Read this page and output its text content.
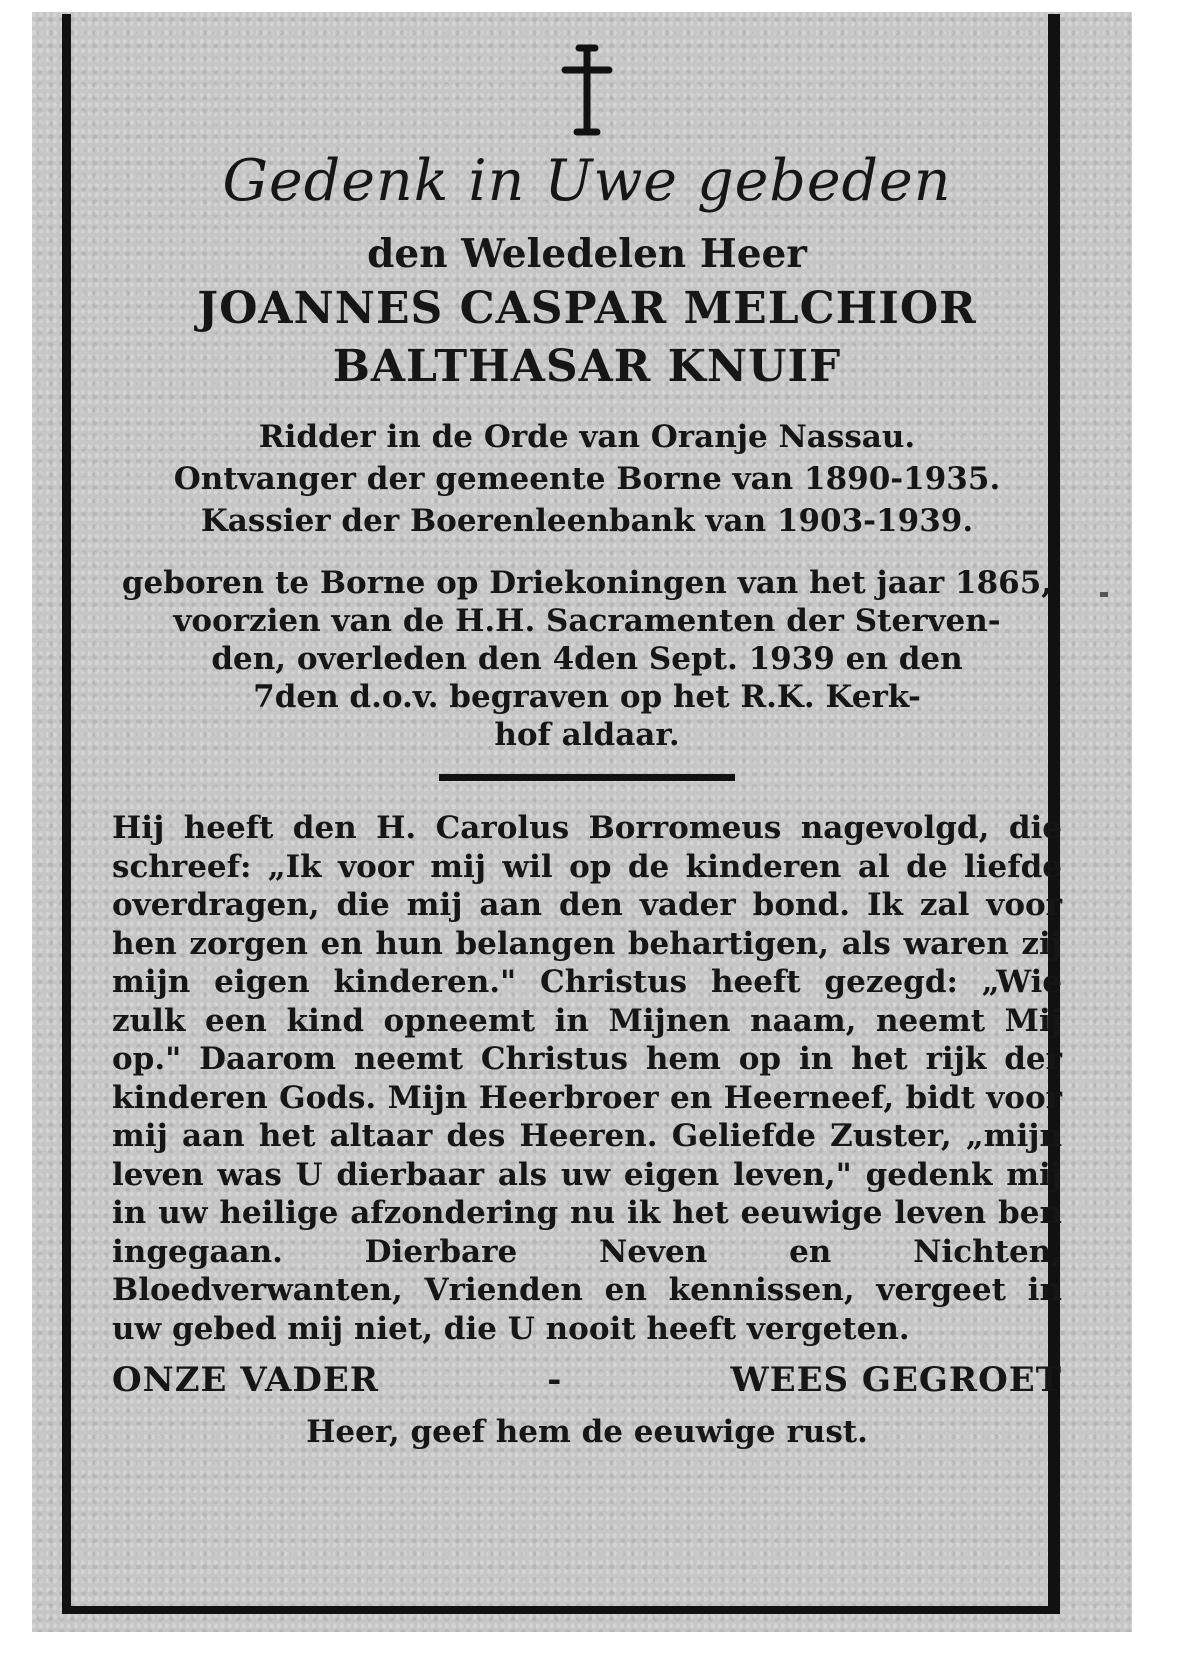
Gedenk in Uwe gebeden
den Weledelen Heer
JOANNES CASPAR MELCHIOR
BALTHASAR KNUIF
Ridder in de Orde van Oranje Nassau.
Ontvanger der gemeente Borne van 1890-1935.
Kassier der Boerenleenbank van 1903-1939.
geboren te Borne op Driekoningen van het jaar 1865,
voorzien van de H.H. Sacramenten der Sterven-
den, overleden den 4den Sept. 1939 en den
7den d.o.v. begraven op het R.K. Kerk-
hof aldaar.
Hij heeft den H. Carolus Borromeus nagevolgd, die schreef: „Ik voor mij wil op de kinderen al de liefde overdragen, die mij aan den vader bond. Ik zal voor hen zorgen en hun belangen behartigen, als waren zij mijn eigen kinderen." Christus heeft gezegd: „Wie zulk een kind opneemt in Mijnen naam, neemt Mij op." Daarom neemt Christus hem op in het rijk der kinderen Gods. Mijn Heerbroer en Heerneef, bidt voor mij aan het altaar des Heeren. Geliefde Zuster, „mijn leven was U dierbaar als uw eigen leven," gedenk mij in uw heilige afzondering nu ik het eeuwige leven ben ingegaan. Dierbare Neven en Nichten, Bloedverwanten, Vrienden en kennissen, vergeet in uw gebed mij niet, die U nooit heeft vergeten.
ONZE VADER	-	WEES GEGROET
Heer, geef hem de eeuwige rust.
